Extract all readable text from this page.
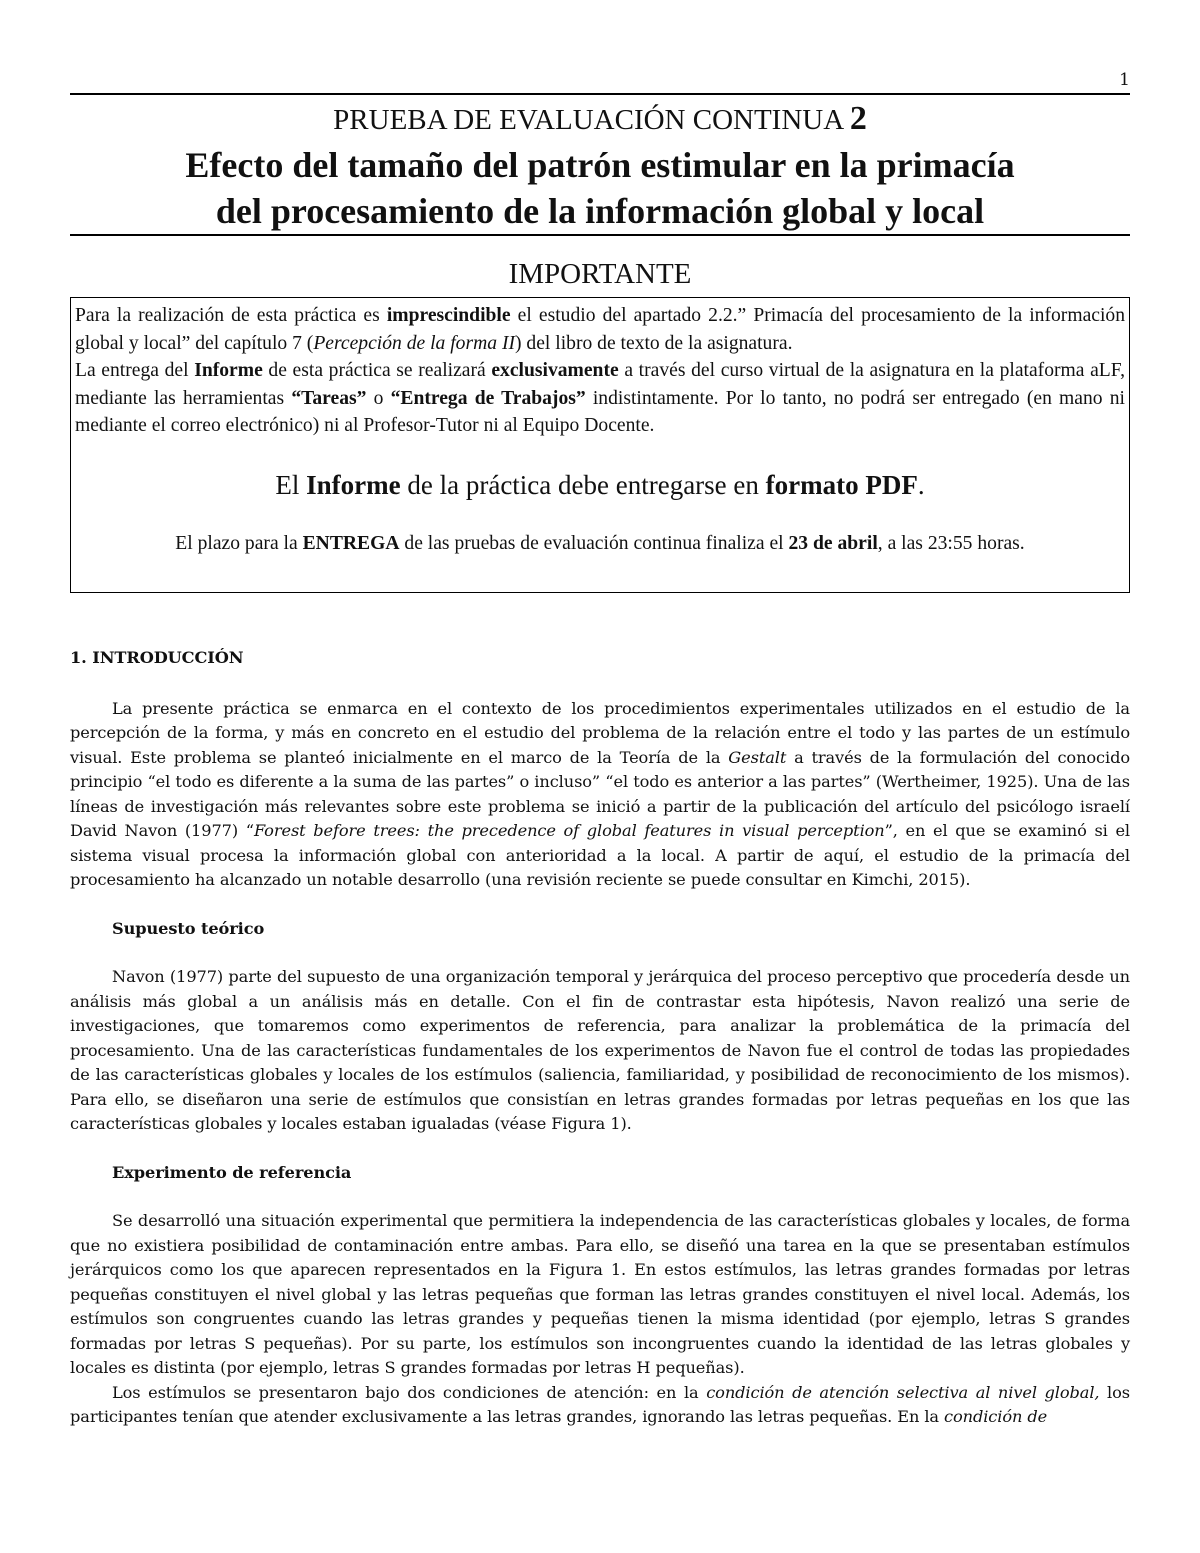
1
PRUEBA DE EVALUACIÓN CONTINUA 2
Efecto del tamaño del patrón estimular en la primacía
del procesamiento de la información global y local
IMPORTANTE

Para la realización de esta práctica es imprescindible el estudio del apartado 2.2.” Primacía del procesamiento de la información global y local” del capítulo 7 (Percepción de la forma II) del libro de texto de la asignatura.

La entrega del Informe de esta práctica se realizará exclusivamente a través del curso virtual de la asignatura en la plataforma aLF, mediante las herramientas “Tareas” o “Entrega de Trabajos” indistintamente. Por lo tanto, no podrá ser entregado (en mano ni mediante el correo electrónico) ni al Profesor-Tutor ni al Equipo Docente.

El Informe de la práctica debe entregarse en formato PDF.

El plazo para la ENTREGA de las pruebas de evaluación continua finaliza el 23 de abril, a las 23:55 horas.

1. INTRODUCCIÓN

La presente práctica se enmarca en el contexto de los procedimientos experimentales utilizados en el estudio de la percepción de la forma, y más en concreto en el estudio del problema de la relación entre el todo y las partes de un estímulo visual. Este problema se planteó inicialmente en el marco de la Teoría de la Gestalt a través de la formulación del conocido principio “el todo es diferente a la suma de las partes” o incluso” “el todo es anterior a las partes” (Wertheimer, 1925). Una de las líneas de investigación más relevantes sobre este problema se inició a partir de la publicación del artículo del psicólogo israelí David Navon (1977) “Forest before trees: the precedence of global features in visual perception”, en el que se examinó si el sistema visual procesa la información global con anterioridad a la local. A partir de aquí, el estudio de la primacía del procesamiento ha alcanzado un notable desarrollo (una revisión reciente se puede consultar en Kimchi, 2015).

Supuesto teórico

Navon (1977) parte del supuesto de una organización temporal y jerárquica del proceso perceptivo que procedería desde un análisis más global a un análisis más en detalle. Con el fin de contrastar esta hipótesis, Navon realizó una serie de investigaciones, que tomaremos como experimentos de referencia, para analizar la problemática de la primacía del procesamiento. Una de las características fundamentales de los experimentos de Navon fue el control de todas las propiedades de las características globales y locales de los estímulos (saliencia, familiaridad, y posibilidad de reconocimiento de los mismos). Para ello, se diseñaron una serie de estímulos que consistían en letras grandes formadas por letras pequeñas en los que las características globales y locales estaban igualadas (véase Figura 1).

Experimento de referencia

Se desarrolló una situación experimental que permitiera la independencia de las características globales y locales, de forma que no existiera posibilidad de contaminación entre ambas. Para ello, se diseñó una tarea en la que se presentaban estímulos jerárquicos como los que aparecen representados en la Figura 1. En estos estímulos, las letras grandes formadas por letras pequeñas constituyen el nivel global y las letras pequeñas que forman las letras grandes constituyen el nivel local. Además, los estímulos son congruentes cuando las letras grandes y pequeñas tienen la misma identidad (por ejemplo, letras S grandes formadas por letras S pequeñas). Por su parte, los estímulos son incongruentes cuando la identidad de las letras globales y locales es distinta (por ejemplo, letras S grandes formadas por letras H pequeñas).

Los estímulos se presentaron bajo dos condiciones de atención: en la condición de atención selectiva al nivel global, los participantes tenían que atender exclusivamente a las letras grandes, ignorando las letras pequeñas. En la condición de
